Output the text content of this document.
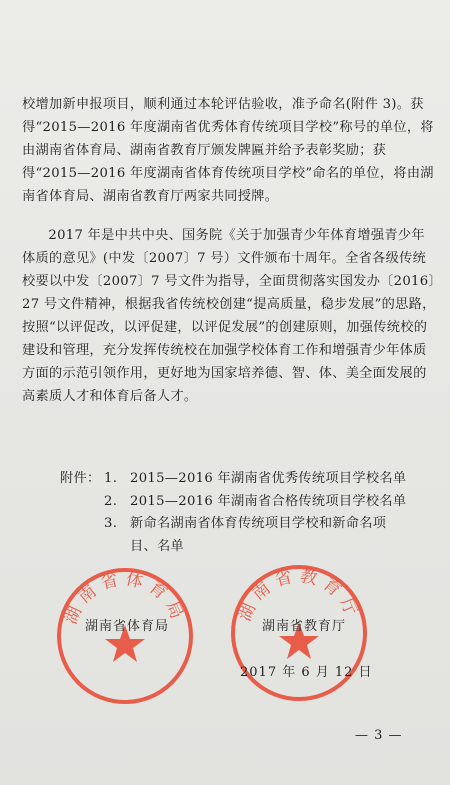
校增加新申报项目，顺利通过本轮评估验收，准予命名(附件 3)。获得“2015—2016 年度湖南省优秀体育传统项目学校”称号的单位，将由湖南省体育局、湖南省教育厅颁发牌匾并给予表彰奖励；获得“2015—2016 年度湖南省体育传统项目学校”命名的单位，将由湖南省体育局、湖南省教育厅两家共同授牌。

2017 年是中共中央、国务院《关于加强青少年体育增强青少年体质的意见》(中发〔2007〕7 号）文件颁布十周年。全省各级传统校要以中发〔2007〕7 号文件为指导，全面贯彻落实国发办〔2016〕27 号文件精神，根据我省传统校创建“提高质量，稳步发展”的思路，按照“以评促改，以评促建，以评促发展”的创建原则，加强传统校的建设和管理，充分发挥传统校在加强学校体育工作和增强青少年体质方面的示范引领作用，更好地为国家培养德、智、体、美全面发展的高素质人才和体育后备人才。

附件： 1. 2015—2016 年湖南省优秀传统项目学校名单
2. 2015—2016 年湖南省合格传统项目学校名单
3. 新命名湖南省体育传统项目学校和新命名项目、名单
湖南省体育局	湖南省教育厅
湖南省体育局	湖南省教育厅
2017 年 6 月 12 日
— 3 —
